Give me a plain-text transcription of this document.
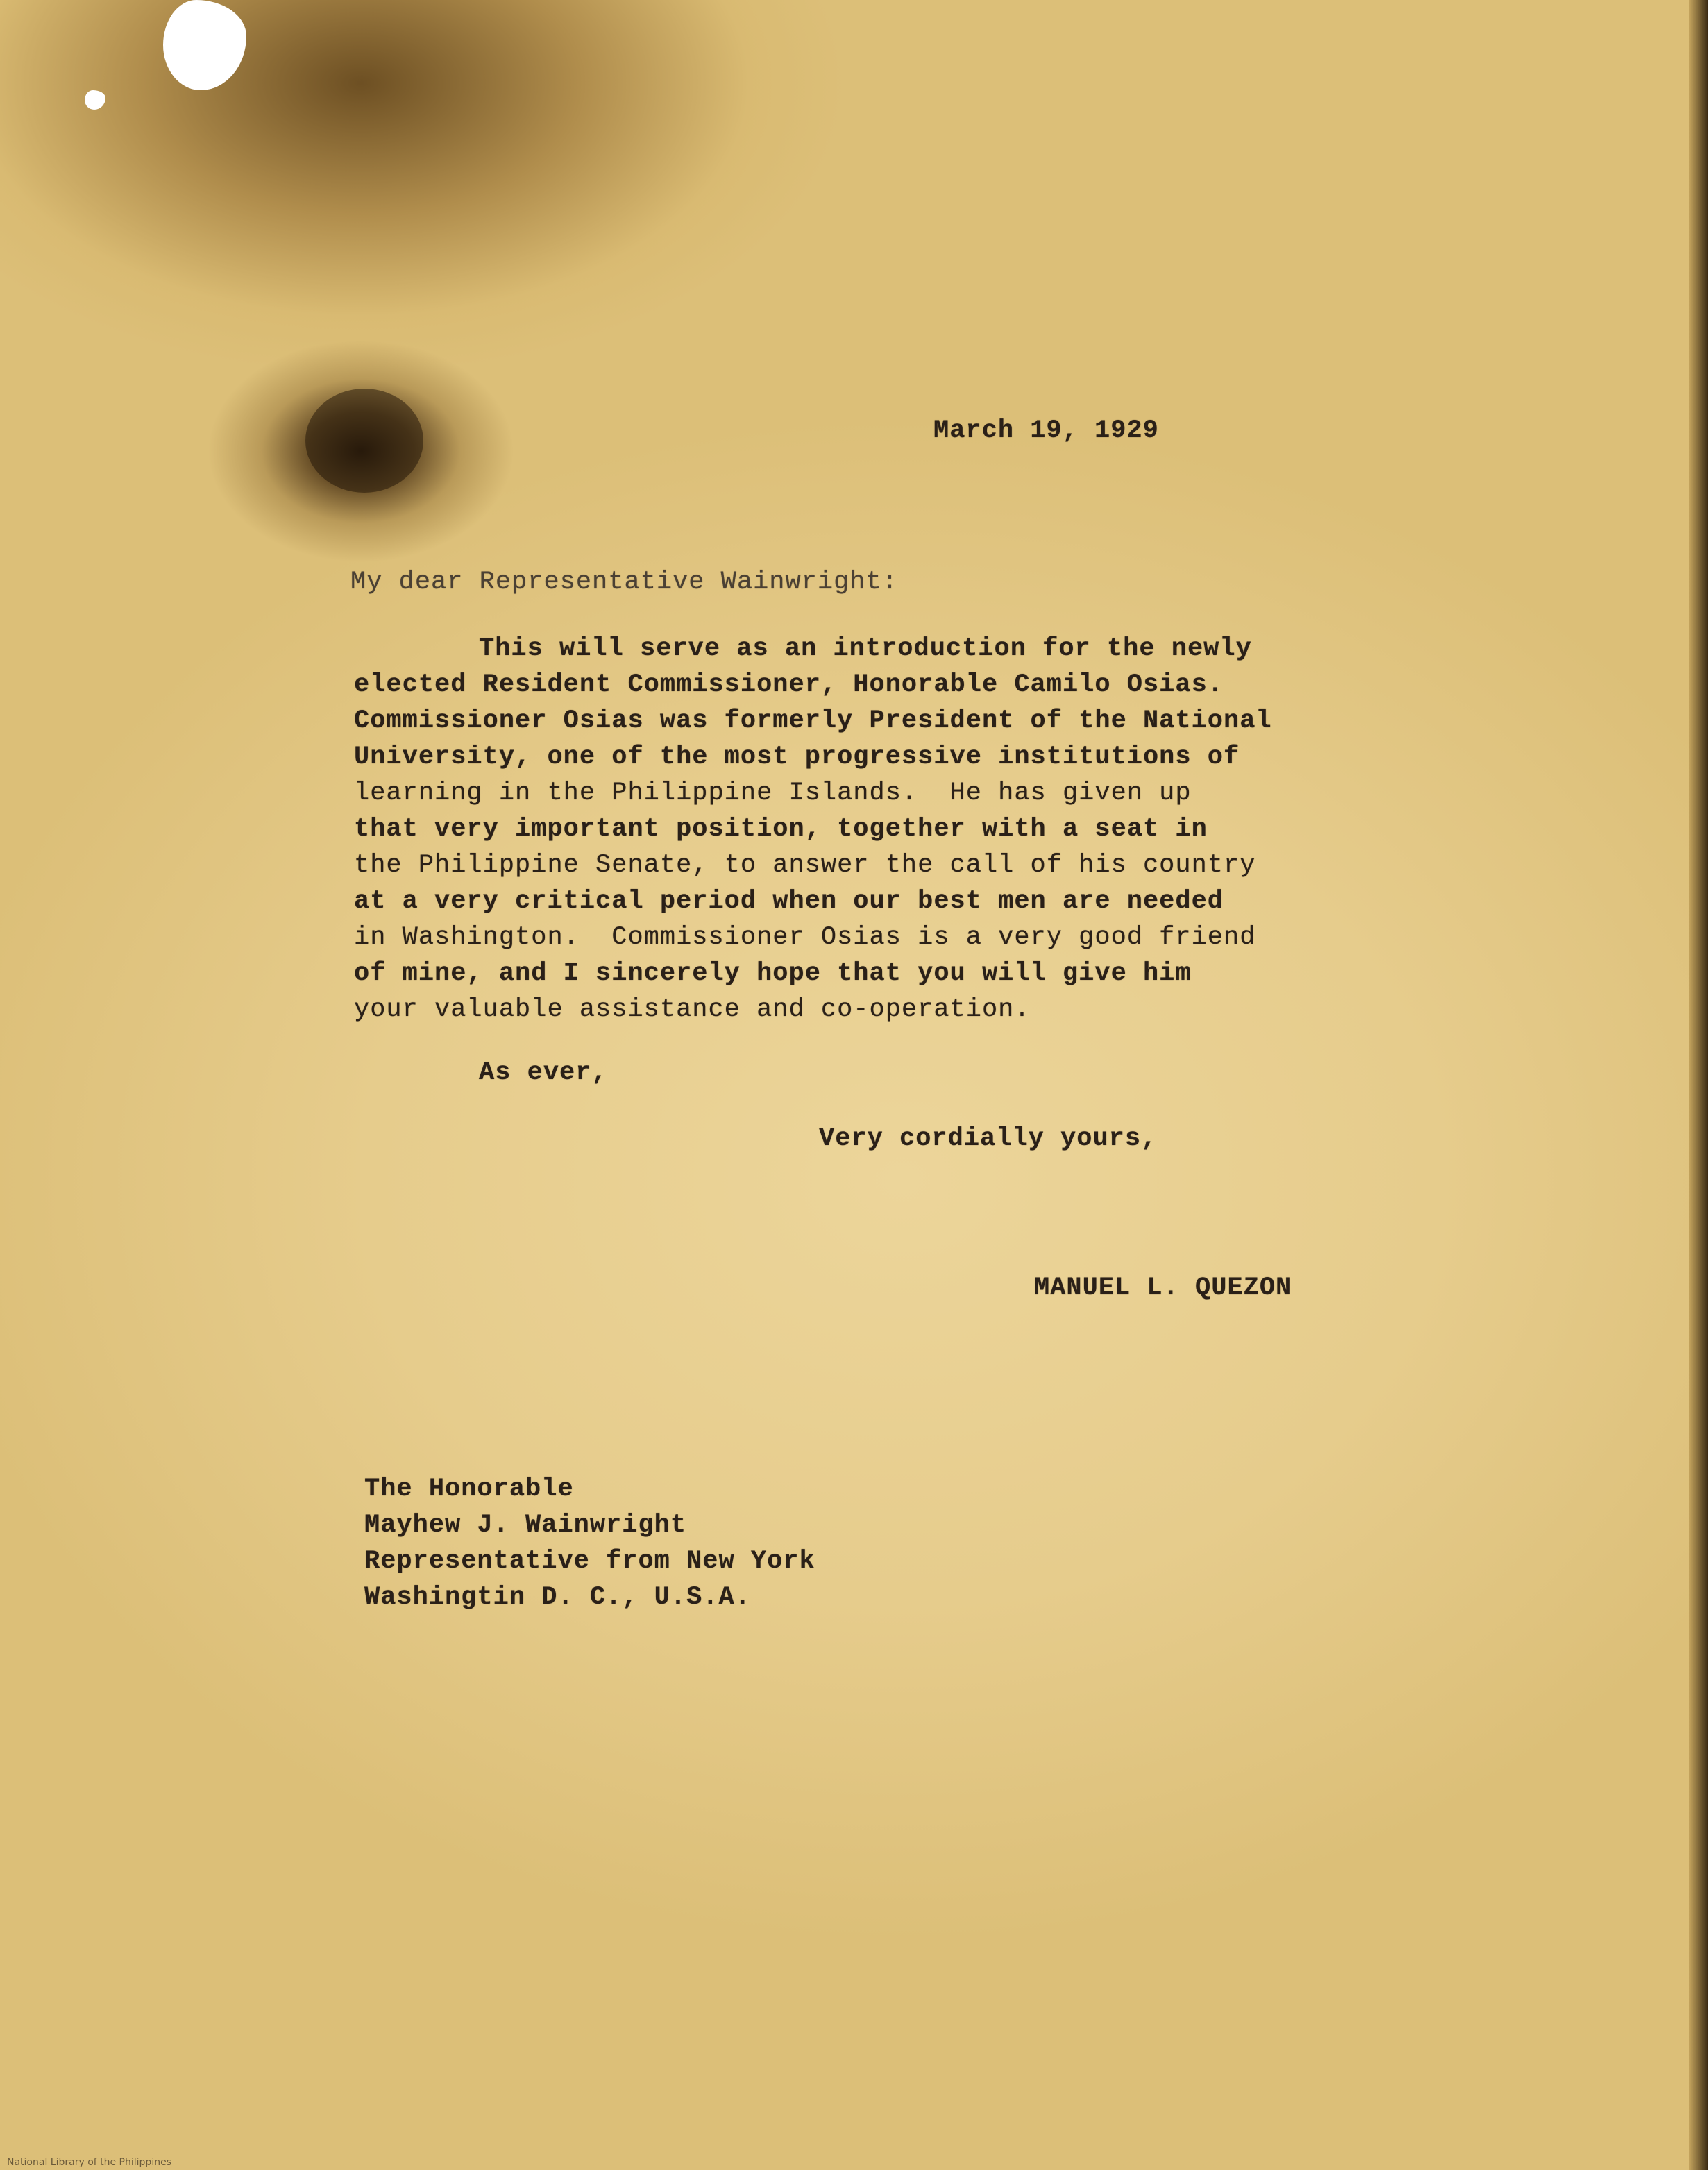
March 19, 1929
My dear Representative Wainwright:
This will serve as an introduction for the newly
elected Resident Commissioner, Honorable Camilo Osias.
Commissioner Osias was formerly President of the National
University, one of the most progressive institutions of
learning in the Philippine Islands.  He has given up
that very important position, together with a seat in
the Philippine Senate, to answer the call of his country
at a very critical period when our best men are needed
in Washington.  Commissioner Osias is a very good friend
of mine, and I sincerely hope that you will give him
your valuable assistance and co-operation.
As ever,
Very cordially yours,
MANUEL L. QUEZON
The Honorable
Mayhew J. Wainwright
Representative from New York
Washingtin D. C., U.S.A.
National Library of the Philippines
